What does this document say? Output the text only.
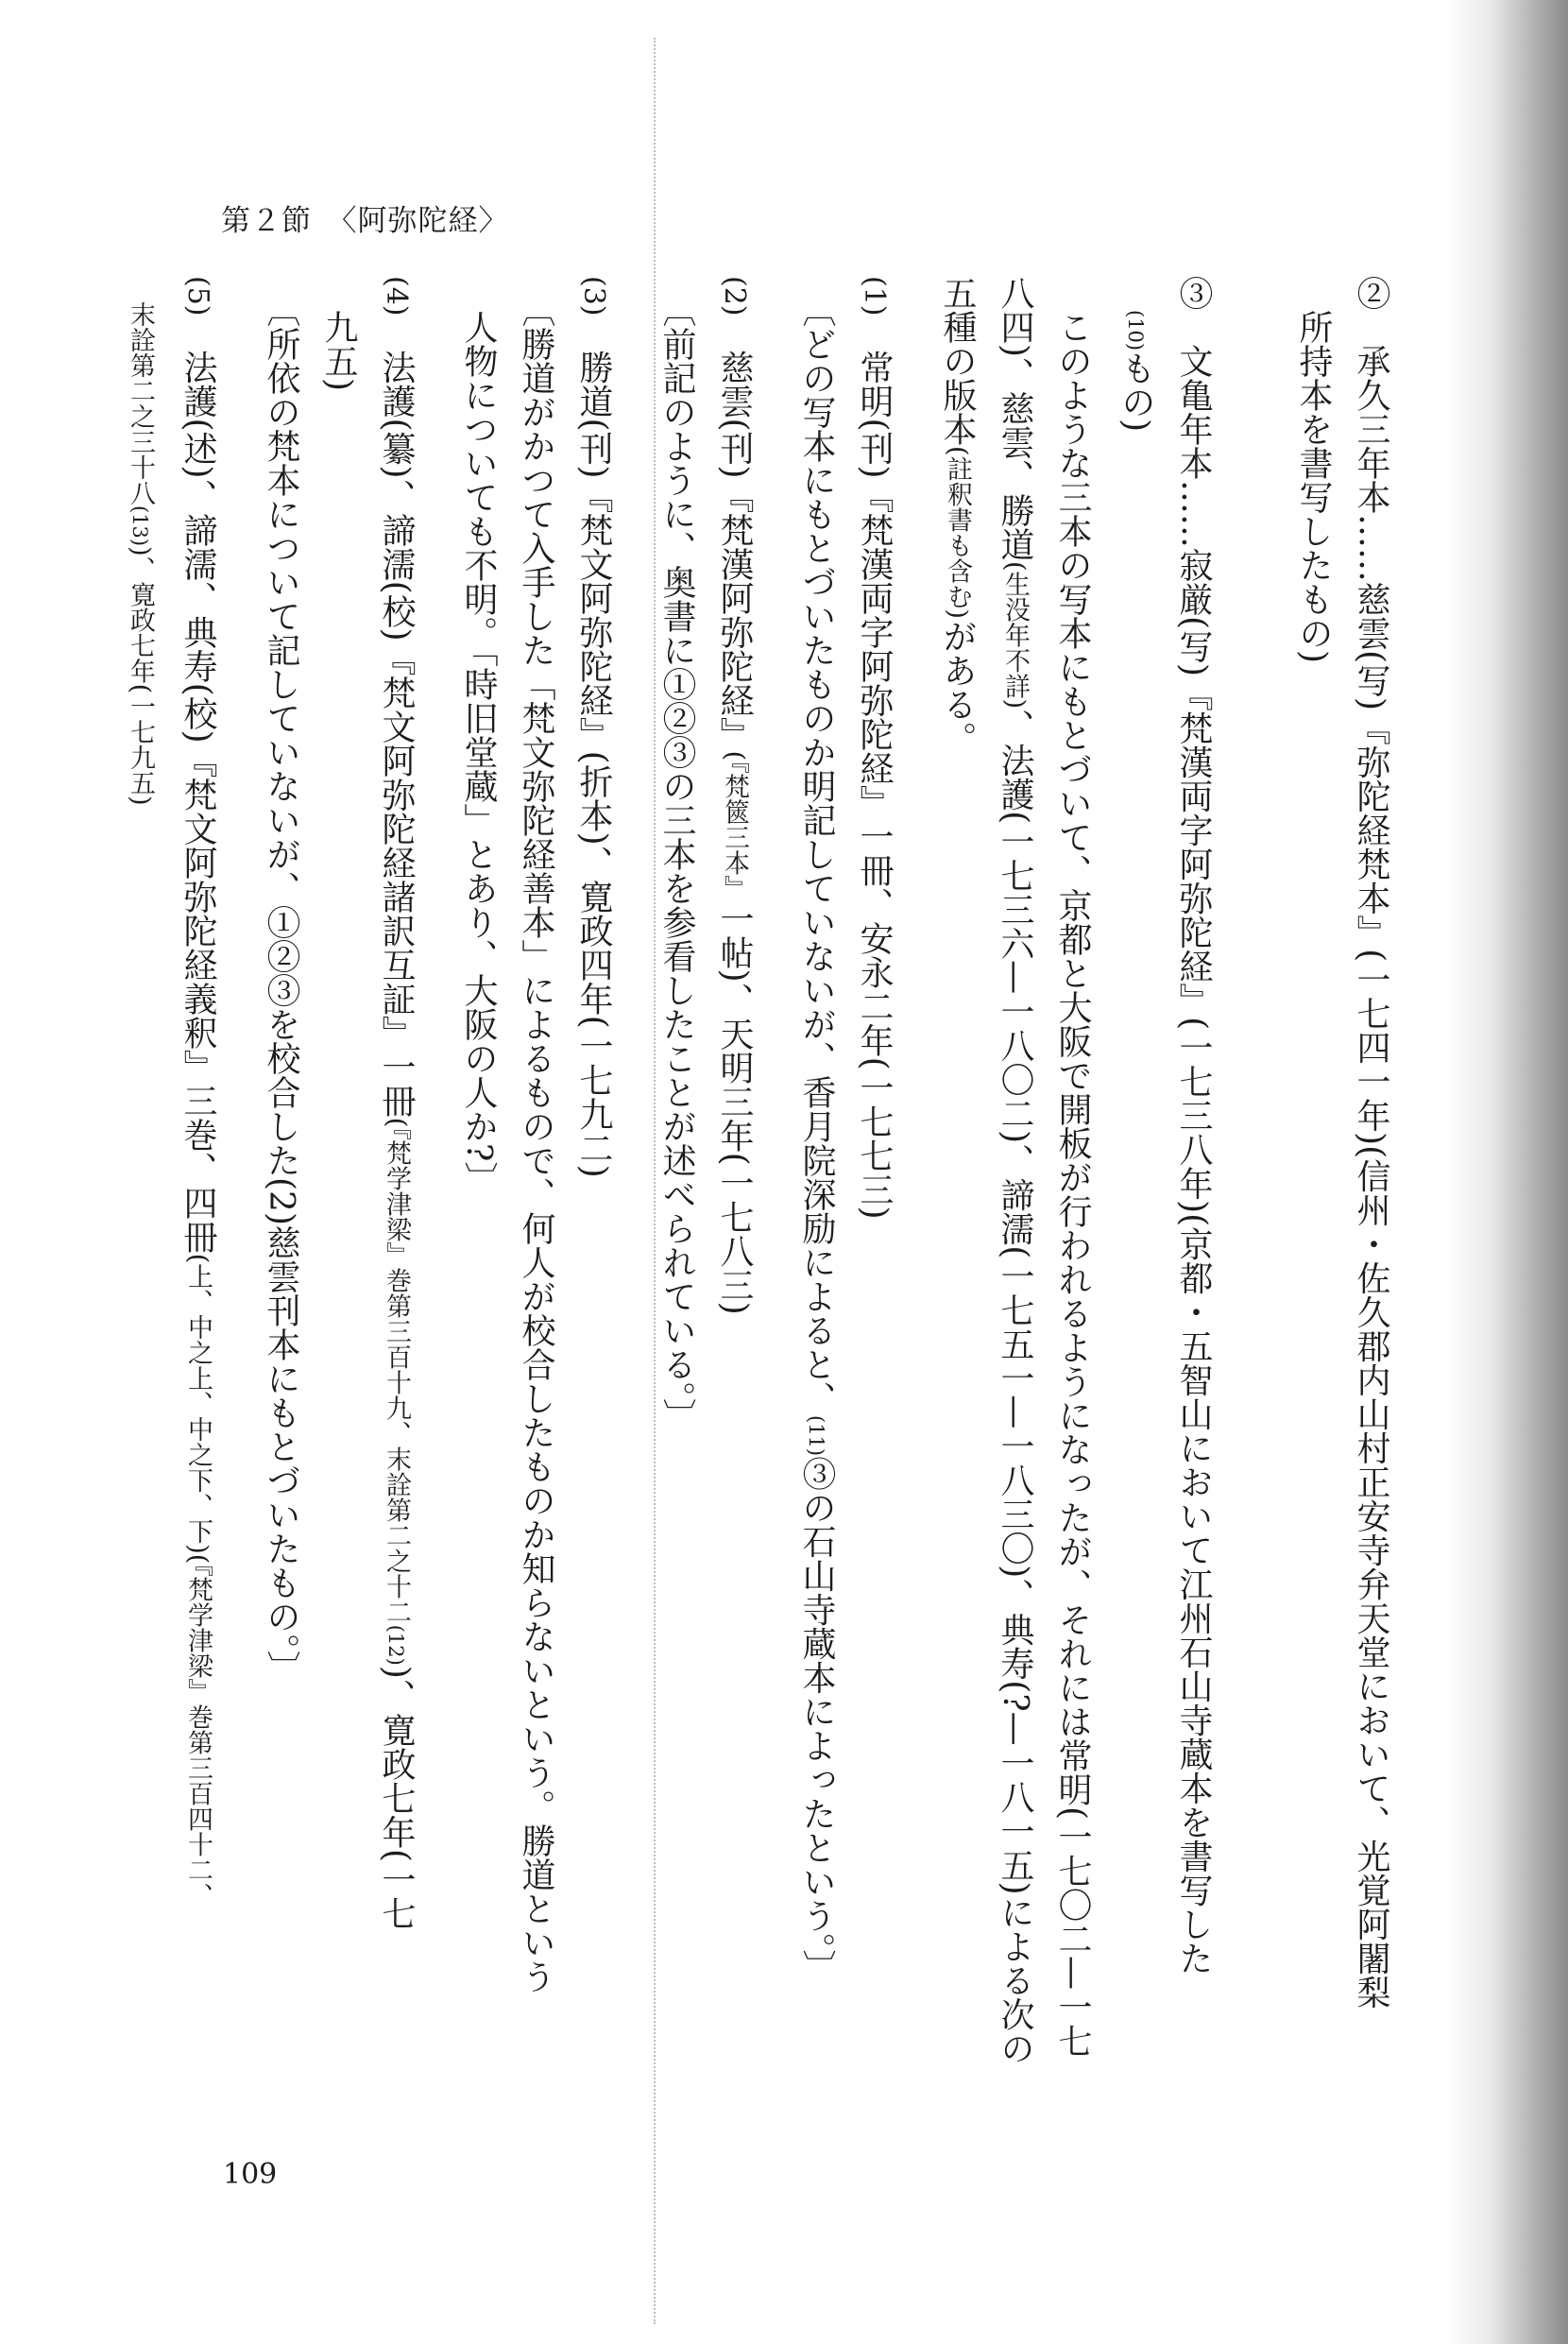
第２節　〈阿弥陀経〉
②　承久三年本……慈雲(写)『弥陀経梵本』(一七四一年)(信州・佐久郡内山村正安寺弁天堂において、光覚阿闍梨
　所持本を書写したもの)
③　文亀年本……寂厳(写)『梵漢両字阿弥陀経』(一七三八年)(京都・五智山において江州石山寺蔵本を書写した
　(10)もの)
　このような三本の写本にもとづいて、京都と大阪で開板が行われるようになったが、それには常明(一七〇二—一七
八四)、慈雲、勝道(生没年不詳)、法護(一七三六—一八〇二)、諦濡(一七五一—一八三〇)、典寿(?—一八一五)による次の
五種の版本(註釈書も含む)がある。
(1)　常明(刊)『梵漢両字阿弥陀経』一冊、安永二年(一七七三)
　〔どの写本にもとづいたものか明記していないが、香月院深励によると、(11)③の石山寺蔵本によったという。〕
(2)　慈雲(刊)『梵漢阿弥陀経』(『梵篋三本』一帖)、天明三年(一七八三)
　〔前記のように、奥書に①②③の三本を参看したことが述べられている。〕
(3)　勝道(刊)『梵文阿弥陀経』(折本)、寛政四年(一七九二)
　〔勝道がかつて入手した「梵文弥陀経善本」によるもので、何人が校合したものか知らないという。勝道という
　人物についても不明。「時旧堂蔵」とあり、大阪の人か?〕
(4)　法護(纂)、諦濡(校)『梵文阿弥陀経諸訳互証』一冊(『梵学津梁』巻第三百十九、末詮第二之十二(12))、寛政七年(一七
　九五)
　〔所依の梵本について記していないが、①②③を校合した(2)慈雲刊本にもとづいたもの。〕
(5)　法護(述)、諦濡、典寿(校)『梵文阿弥陀経義釈』三巻、四冊(上、中之上、中之下、下)(『梵学津梁』巻第三百四十二、
　末詮第二之三十八(13))、寛政七年(一七九五)
109
